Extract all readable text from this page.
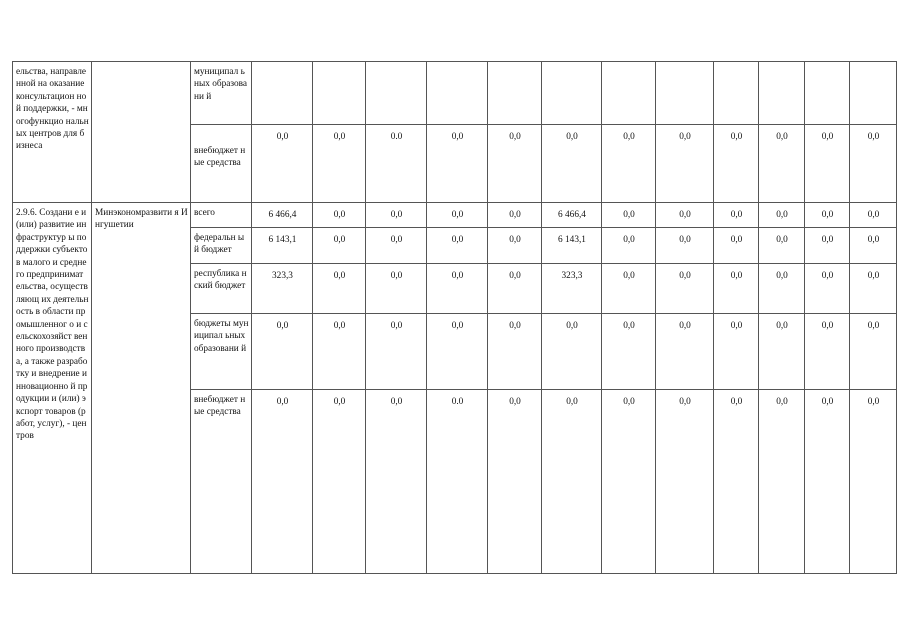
ельства, направленной на оказание консультацион ной поддержки, - многофункцио нальных центров для бизнеса		муниципал ьных образовани й												
		внебюджет ные средства	0,0	0,0	0.0	0,0	0,0	0,0	0,0	0,0	0,0	0,0	0,0	0,0
2.9.6. Создани е и (или) развитие инфраструктур ы поддержки субъектов малого и среднего предпринимат ельства, осуществляющ их деятельность в области промышленног о и сельскохозяйст венного производства, а также разработку и внедрение инновационно й продукции и (или) экспорт товаров (работ, услуг), - центров	Минэкономразвити я Ингушетии	всего	6 466,4	0,0	0,0	0,0	0,0	6 466,4	0,0	0,0	0,0	0,0	0,0	0,0
		федеральн ый бюджет	6 143,1	0,0	0,0	0,0	0,0	6 143,1	0,0	0,0	0,0	0,0	0,0	0,0
		республика нский бюджет	323,3	0,0	0,0	0,0	0,0	323,3	0,0	0,0	0,0	0,0	0,0	0,0
		бюджеты муниципал ьных образовани й	0,0	0,0	0,0	0,0	0,0	0,0	0,0	0,0	0,0	0,0	0,0	0,0
		внебюджет ные средства	0,0	0,0	0,0	0.0	0,0	0,0	0,0	0,0	0,0	0,0	0,0	0,0
